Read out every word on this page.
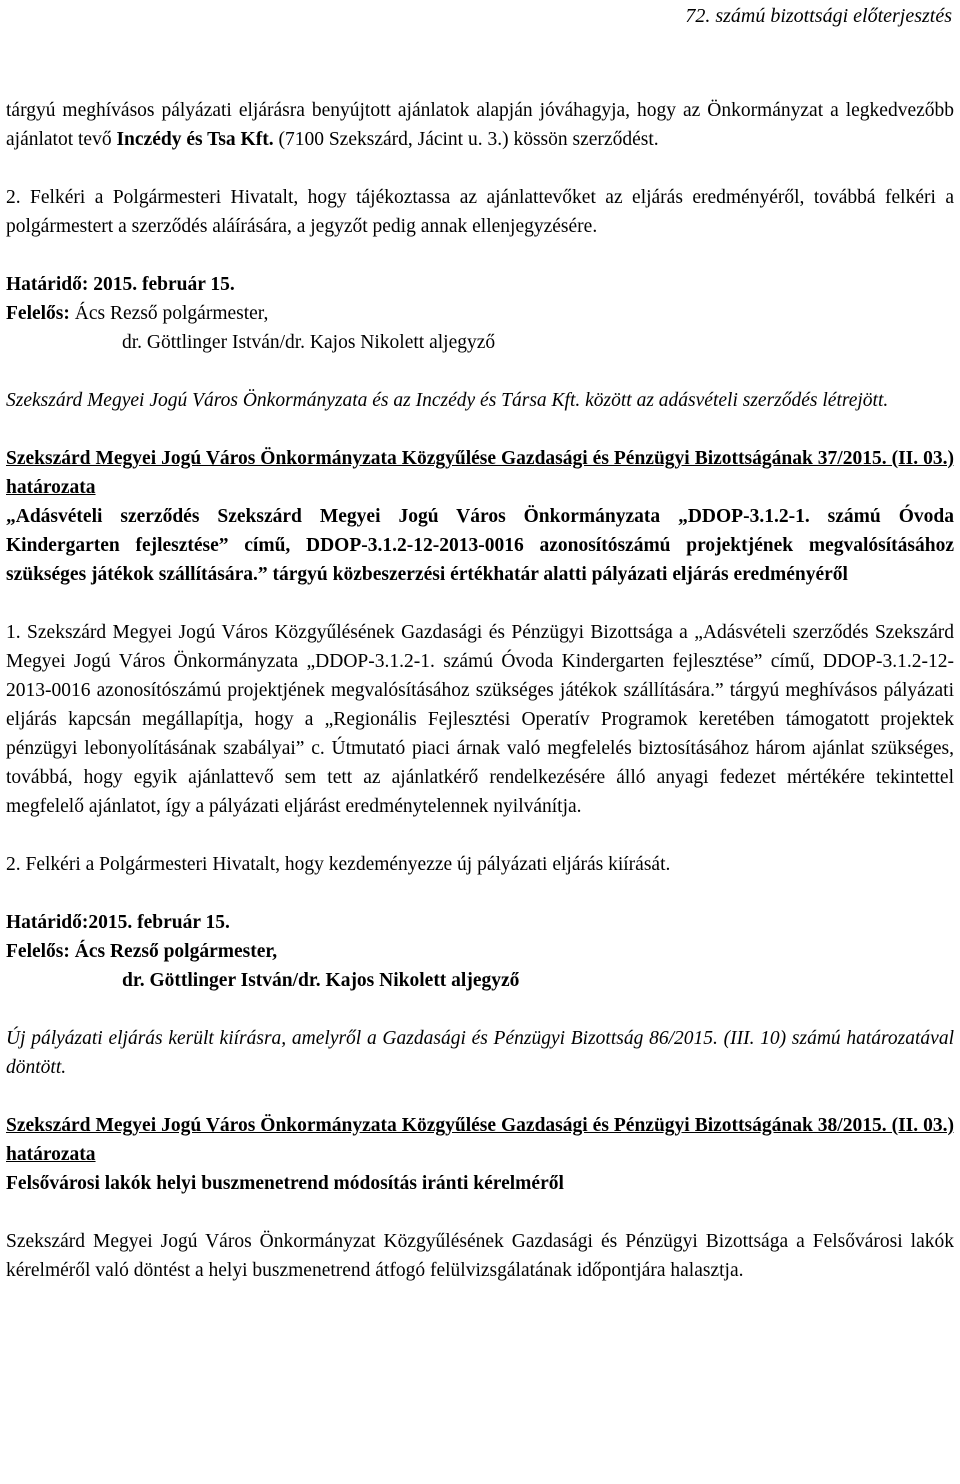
72. számú bizottsági előterjesztés

tárgyú meghívásos pályázati eljárásra benyújtott ajánlatok alapján jóváhagyja, hogy az Önkormányzat a legkedvezőbb ajánlatot tevő Inczédy és Tsa Kft. (7100 Szekszárd, Jácint u. 3.) kössön szerződést.

2. Felkéri a Polgármesteri Hivatalt, hogy tájékoztassa az ajánlattevőket az eljárás eredményéről, továbbá felkéri a polgármestert a szerződés aláírására, a jegyzőt pedig annak ellenjegyzésére.

Határidő: 2015. február 15.
Felelős: Ács Rezső polgármester,
dr. Göttlinger István/dr. Kajos Nikolett aljegyző

Szekszárd Megyei Jogú Város Önkormányzata és az Inczédy és Társa Kft. között az adásvételi szerződés létrejött.

Szekszárd Megyei Jogú Város Önkormányzata Közgyűlése Gazdasági és Pénzügyi Bizottságának 37/2015. (II. 03.) határozata
„Adásvételi szerződés Szekszárd Megyei Jogú Város Önkormányzata „DDOP-3.1.2-1. számú Óvoda Kindergarten fejlesztése” című, DDOP-3.1.2-12-2013-0016 azonosítószámú projektjének megvalósításához szükséges játékok szállítására.” tárgyú közbeszerzési értékhatár alatti pályázati eljárás eredményéről

1. Szekszárd Megyei Jogú Város Közgyűlésének Gazdasági és Pénzügyi Bizottsága a „Adásvételi szerződés Szekszárd Megyei Jogú Város Önkormányzata „DDOP-3.1.2-1. számú Óvoda Kindergarten fejlesztése” című, DDOP-3.1.2-12-2013-0016 azonosítószámú projektjének megvalósításához szükséges játékok szállítására.” tárgyú meghívásos pályázati eljárás kapcsán megállapítja, hogy a „Regionális Fejlesztési Operatív Programok keretében támogatott projektek pénzügyi lebonyolításának szabályai” c. Útmutató piaci árnak való megfelelés biztosításához három ajánlat szükséges, továbbá, hogy egyik ajánlattevő sem tett az ajánlatkérő rendelkezésére álló anyagi fedezet mértékére tekintettel megfelelő ajánlatot, így a pályázati eljárást eredménytelennek nyilvánítja.

2. Felkéri a Polgármesteri Hivatalt, hogy kezdeményezze új pályázati eljárás kiírását.

Határidő:2015. február 15.
Felelős: Ács Rezső polgármester,
dr. Göttlinger István/dr. Kajos Nikolett aljegyző

Új pályázati eljárás került kiírásra, amelyről a Gazdasági és Pénzügyi Bizottság 86/2015. (III. 10) számú határozatával döntött.

Szekszárd Megyei Jogú Város Önkormányzata Közgyűlése Gazdasági és Pénzügyi Bizottságának 38/2015. (II. 03.) határozata
Felsővárosi lakók helyi buszmenetrend módosítás iránti kérelméről

Szekszárd Megyei Jogú Város Önkormányzat Közgyűlésének Gazdasági és Pénzügyi Bizottsága a Felsővárosi lakók kérelméről való döntést a helyi buszmenetrend átfogó felülvizsgálatának időpontjára halasztja.
